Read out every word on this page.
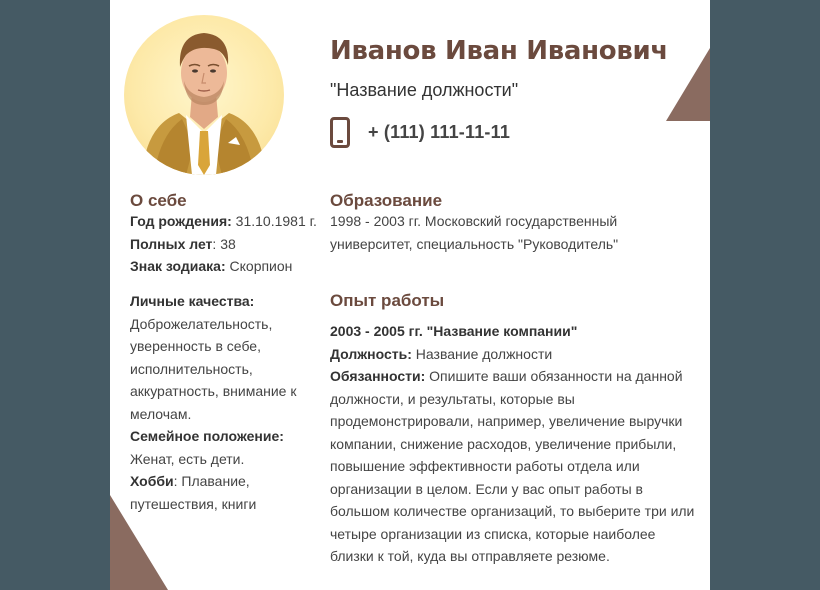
Иванов Иван Иванович
"Название должности"
+ (111) 111-11-11
О себе
Год рождения: 31.10.1981 г.
Полных лет: 38
Знак зодиака: Скорпион
Личные качества:
Доброжелательность, уверенность в себе, исполнительность, аккуратность, внимание к мелочам.
Семейное положение:
Женат, есть дети.
Хобби: Плавание, путешествия, книги
Образование
1998 - 2003 гг. Московский государственный университет, специальность "Руководитель"
Опыт работы
2003 - 2005 гг. "Название компании"
Должность: Название должности
Обязанности: Опишите ваши обязанности на данной должности, и результаты, которые вы продемонстрировали, например, увеличение выручки компании, снижение расходов, увеличение прибыли, повышение эффективности работы отдела или организации в целом. Если у вас опыт работы в большом количестве организаций, то выберите три или четыре организации из списка, которые наиболее близки к той, куда вы отправляете резюме.
